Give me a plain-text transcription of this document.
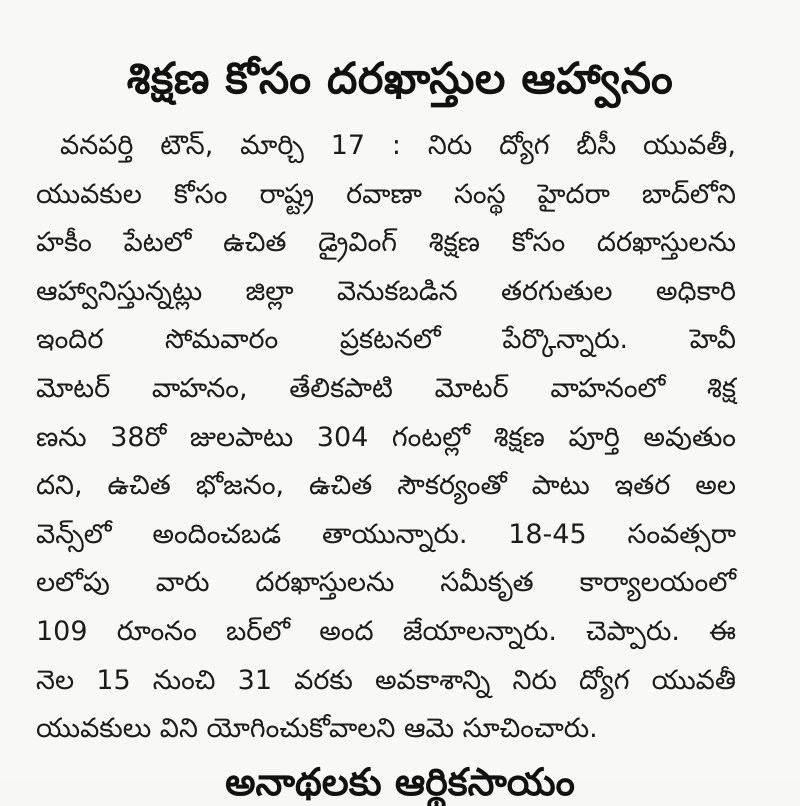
శిక్షణ కోసం దరఖాస్తుల ఆహ్వానం
వనపర్తి టౌన్, మార్చి 17 : నిరు ద్యోగ బీసీ యువతీ,
యువకుల కోసం రాష్ట్ర రవాణా సంస్థ హైదరా బాద్‌లోని
హకీం పేటలో ఉచిత డ్రైవింగ్ శిక్షణ కోసం దరఖాస్తులను
ఆహ్వానిస్తున్నట్లు జిల్లా వెనుకబడిన తరగుతుల అధికారి
ఇందిర సోమవారం ప్రకటనలో పేర్కొన్నారు. హెవీ
మోటర్ వాహనం, తేలికపాటి మోటర్ వాహనంలో శిక్ష
ణను 38రో జులపాటు 304 గంటల్లో శిక్షణ పూర్తి అవుతుం
దని, ఉచిత భోజనం, ఉచిత సౌకర్యంతో పాటు ఇతర అల
వెన్స్‌లో అందించబడ తాయున్నారు. 18-45 సంవత్సరా
లలోపు వారు దరఖాస్తులను సమీకృత కార్యాలయంలో
109 రూంనం బర్‌లో అంద జేయాలన్నారు. చెప్పారు. ఈ
నెల 15 నుంచి 31 వరకు అవకాశాన్ని నిరు ద్యోగ యువతీ
యువకులు విని యోగించుకోవాలని ఆమె సూచించారు.
అనాథలకు ఆర్థికసాయం
